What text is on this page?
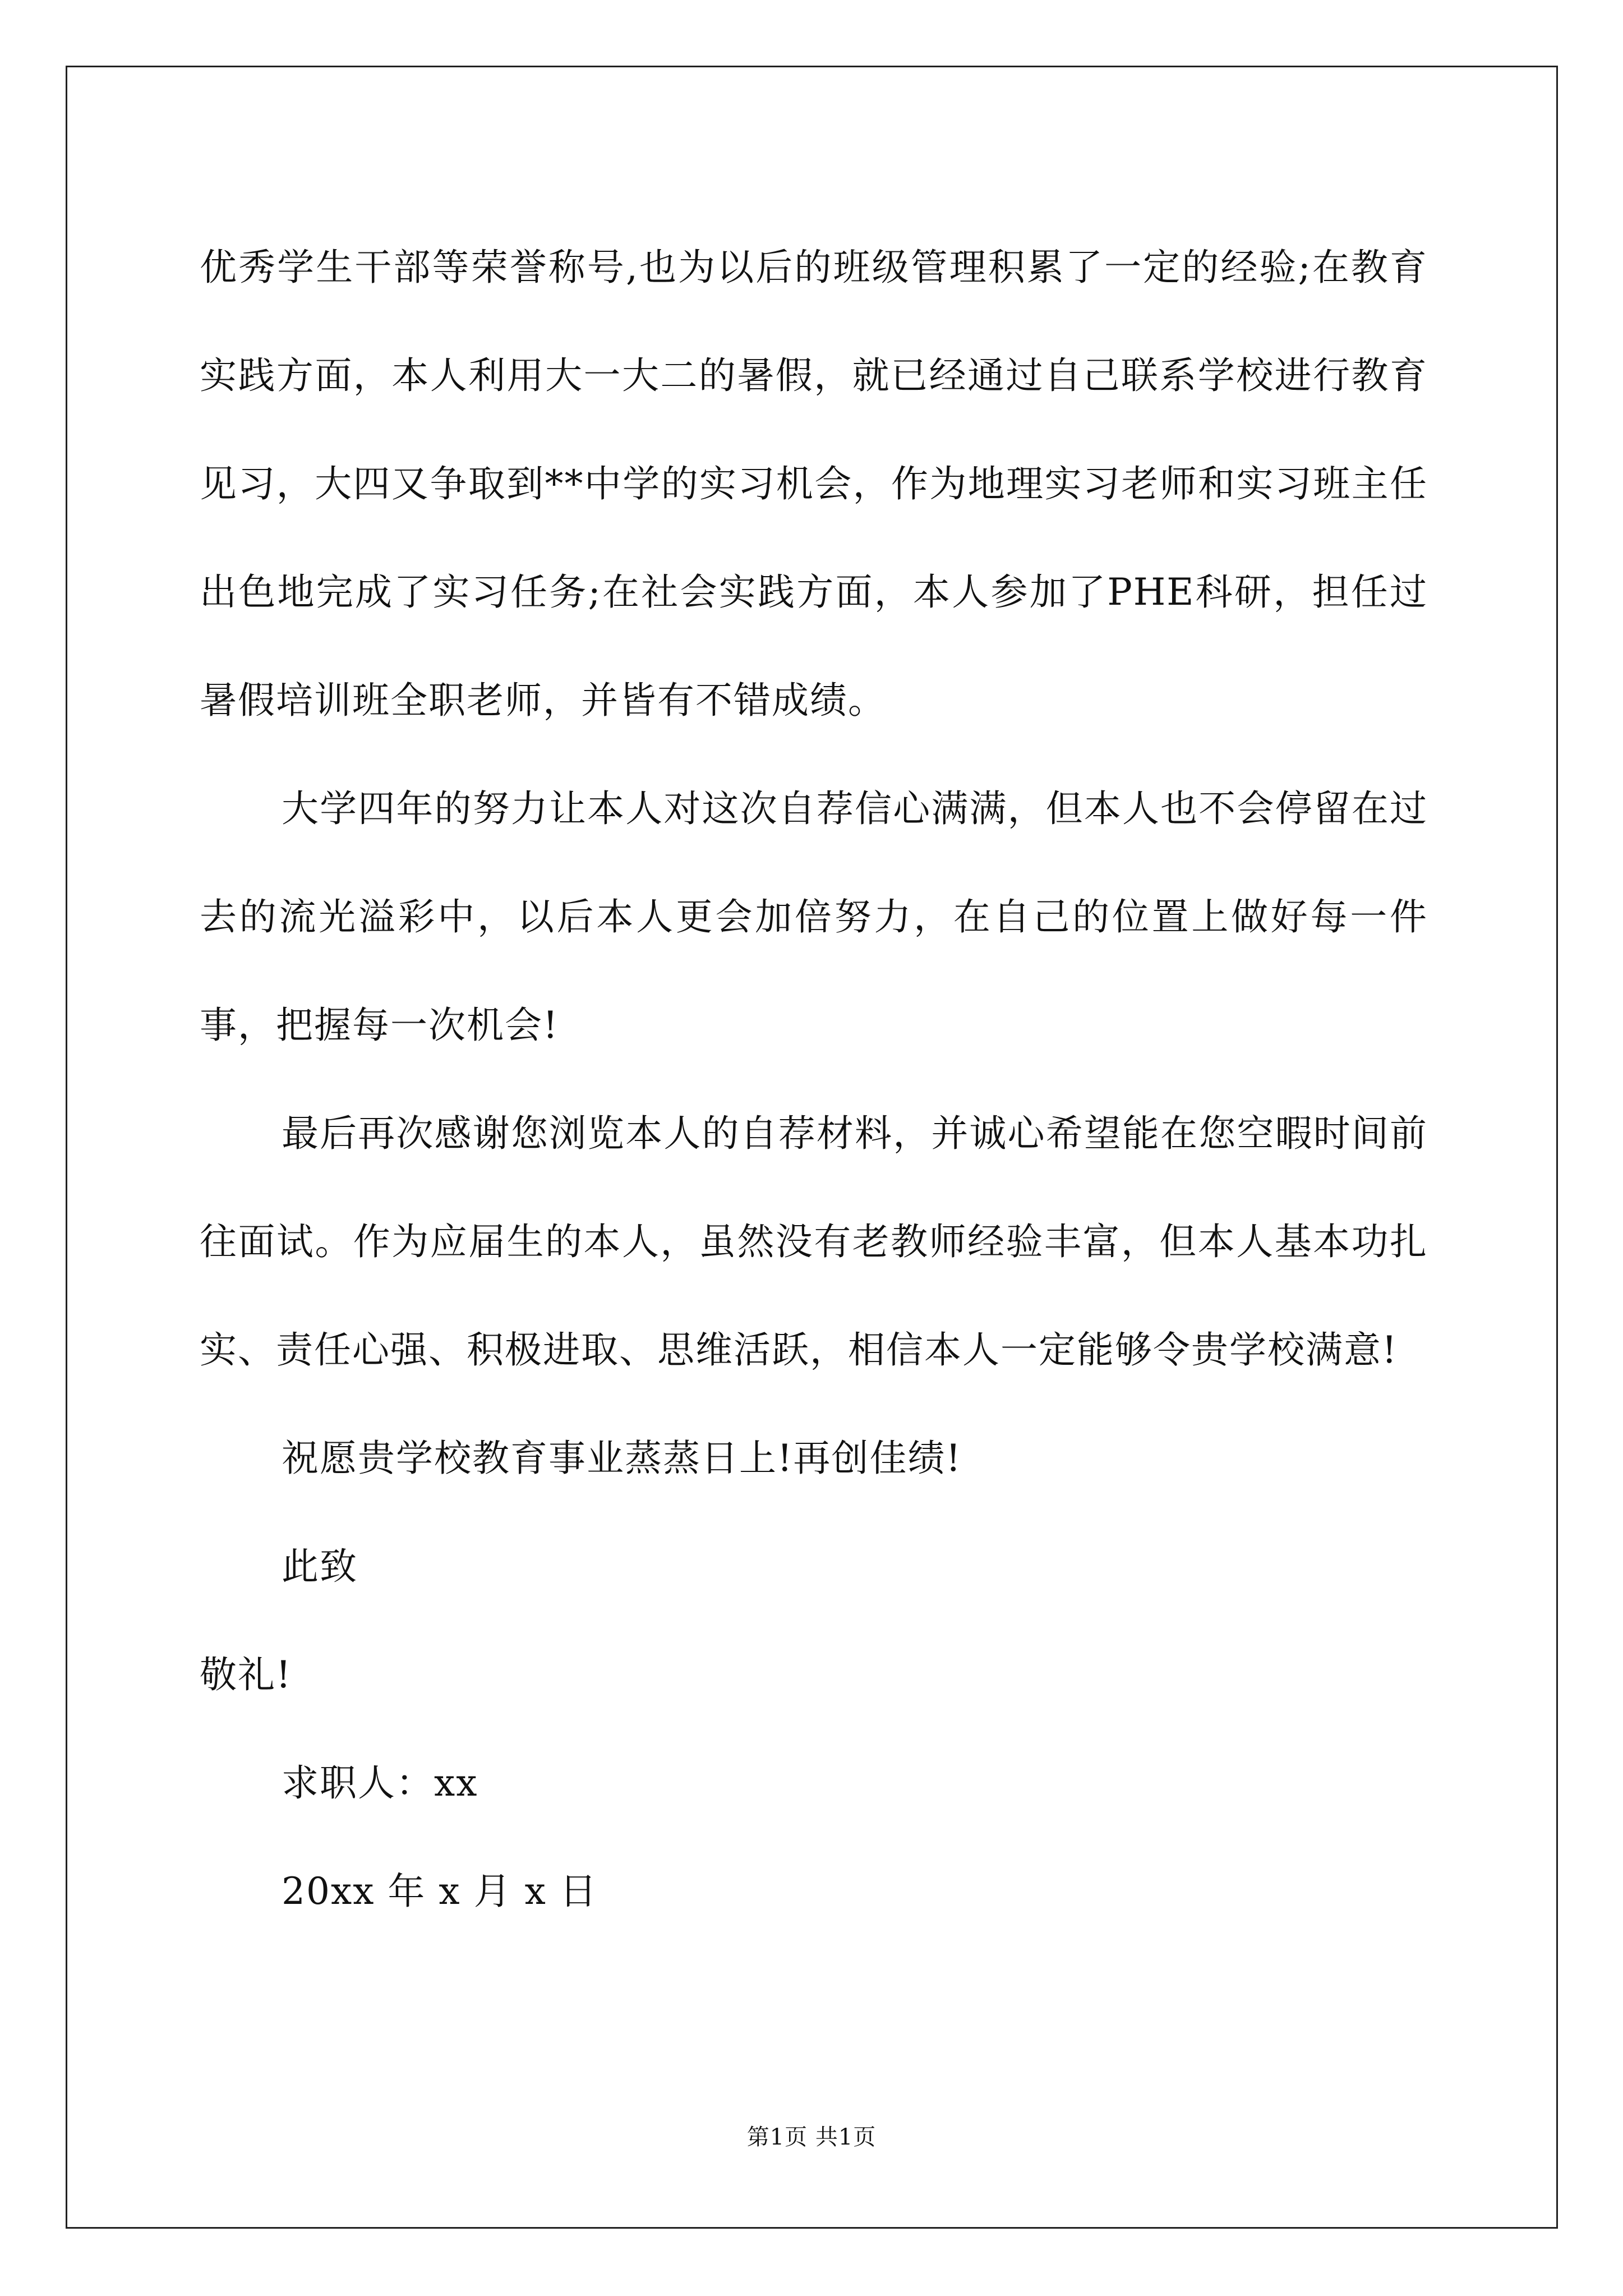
优秀学生干部等荣誉称号,也为以后的班级管理积累了一定的经验;在教育实践方面，本人利用大一大二的暑假，就已经通过自己联系学校进行教育见习，大四又争取到**中学的实习机会，作为地理实习老师和实习班主任出色地完成了实习任务;在社会实践方面，本人参加了PHE科研，担任过暑假培训班全职老师，并皆有不错成绩。

大学四年的努力让本人对这次自荐信心满满，但本人也不会停留在过去的流光溢彩中，以后本人更会加倍努力，在自己的位置上做好每一件事，把握每一次机会!

最后再次感谢您浏览本人的自荐材料，并诚心希望能在您空暇时间前往面试。作为应届生的本人，虽然没有老教师经验丰富，但本人基本功扎实、责任心强、积极进取、思维活跃，相信本人一定能够令贵学校满意!

祝愿贵学校教育事业蒸蒸日上!再创佳绩!

此致

敬礼!

求职人：xx

20xx 年 x 月 x 日

第1页 共1页
